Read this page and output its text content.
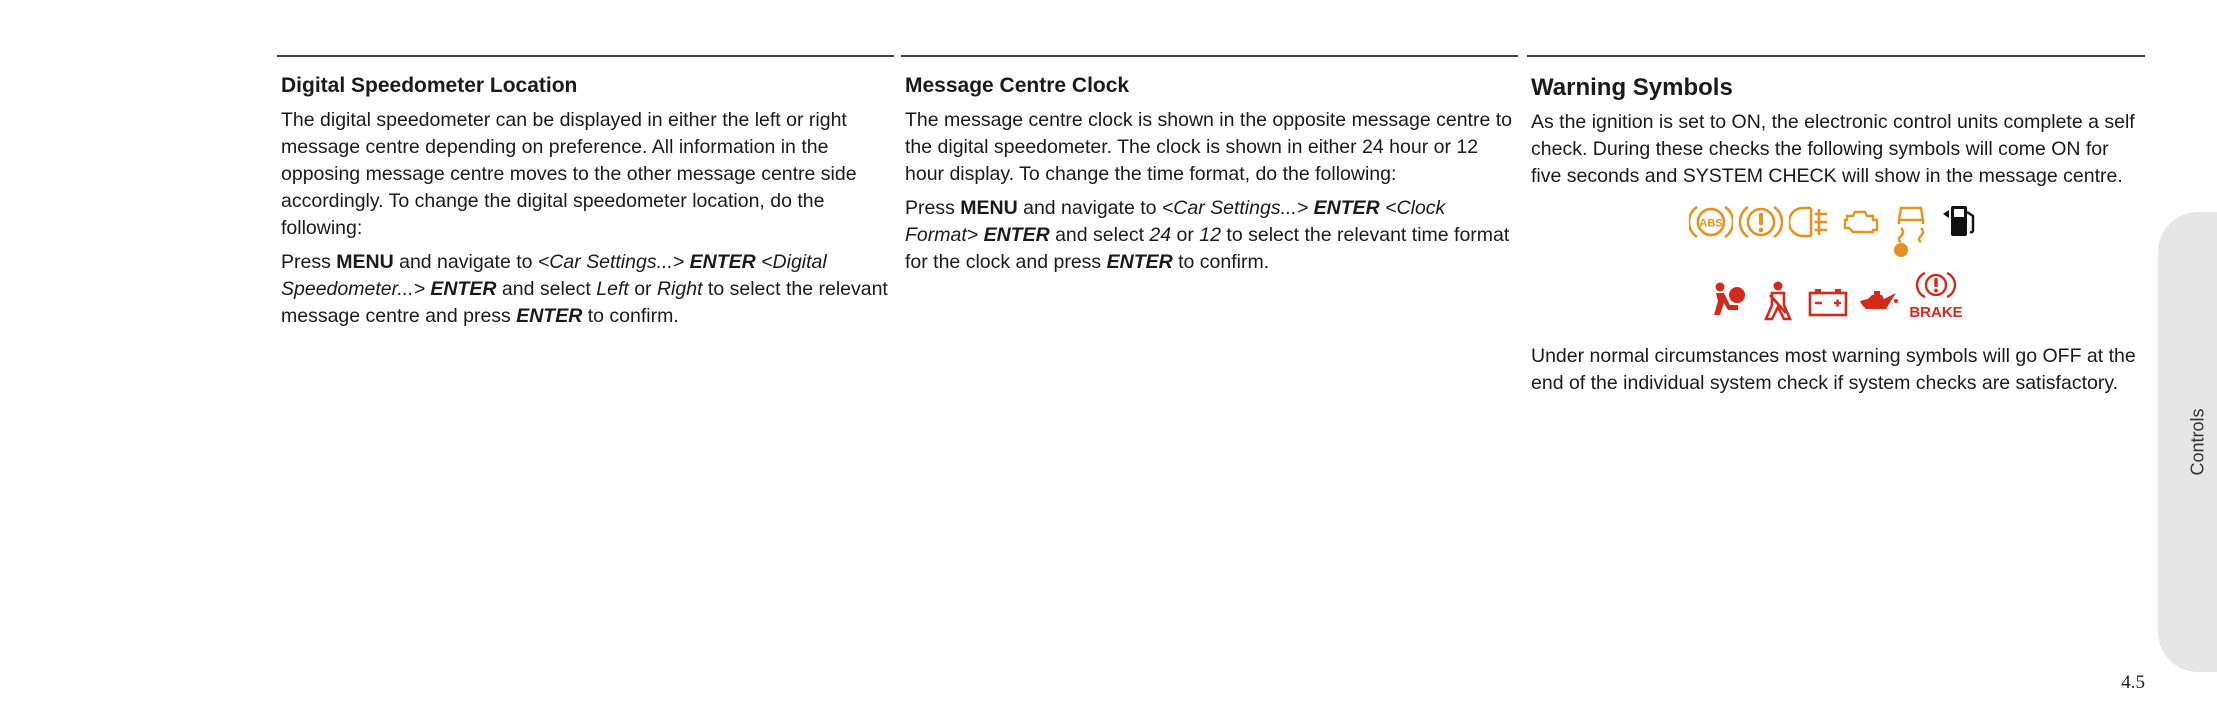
Digital Speedometer Location

The digital speedometer can be displayed in either the left or right message centre depending on preference. All information in the opposing message centre moves to the other message centre side accordingly. To change the digital speedometer location, do the following:

Press MENU and navigate to <Car Settings...> ENTER <Digital Speedometer...> ENTER and select Left or Right to select the relevant message centre and press ENTER to confirm.

Message Centre Clock

The message centre clock is shown in the opposite message centre to the digital speedometer. The clock is shown in either 24 hour or 12 hour display. To change the time format, do the following:

Press MENU and navigate to <Car Settings...> ENTER <Clock Format> ENTER and select 24 or 12 to select the relevant time format for the clock and press ENTER to confirm.

Warning Symbols

As the ignition is set to ON, the electronic control units complete a self check. During these checks the following symbols will come ON for five seconds and SYSTEM CHECK will show in the message centre.

ABS
BRAKE

Under normal circumstances most warning symbols will go OFF at the end of the individual system check if system checks are satisfactory.

Controls
4.5
